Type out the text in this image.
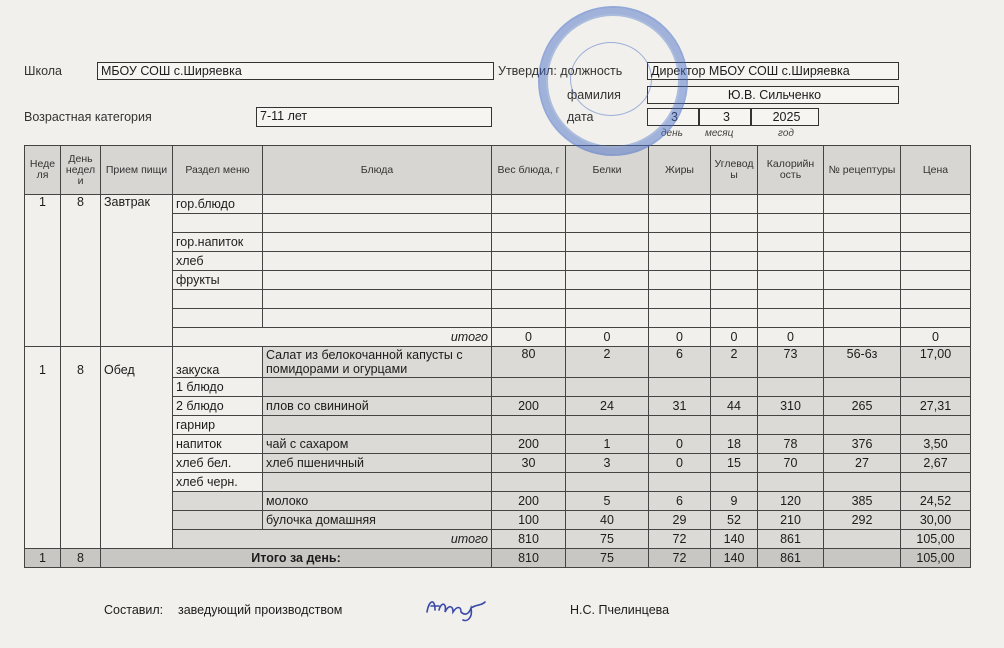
Школа	МБОУ СОШ с.Ширяевка
Возрастная категория	7-11 лет
Утвердил: должность	Директор МБОУ СОШ с.Ширяевка
фамилия	Ю.В. Сильченко
дата	3	3	2025
день месяц	год
Неде ля	День недел и	Прием пищи	Раздел меню	Блюда	Вес блюда, г	Белки	Жиры	Углевод ы	Калорийн ость	№ рецептуры	Цена
1	8	Завтрак	гор.блюдо								

			гор.напиток								
			хлеб								
			фрукты								

			итого		0	0	0	0	0		0
1	8	Обед	закуска	Салат из белокочанной капусты с помидорами и огурцами	80	2	6	2	73	56-6з	17,00
			1 блюдо								
			2 блюдо	плов со свининой	200	24	31	44	310	265	27,31
			гарнир								
			напиток	чай с сахаром	200	1	0	18	78	376	3,50
			хлеб бел.	хлеб пшеничный	30	3	0	15	70	27	2,67
			хлеб черн.								
				молоко	200	5	6	9	120	385	24,52
				булочка домашняя	100	40	29	52	210	292	30,00
			итого		810	75	72	140	861		105,00
1	8	Итого за день:			810	75	72	140	861		105,00
Составил: заведующий производством	Н.С. Пчелинцева
